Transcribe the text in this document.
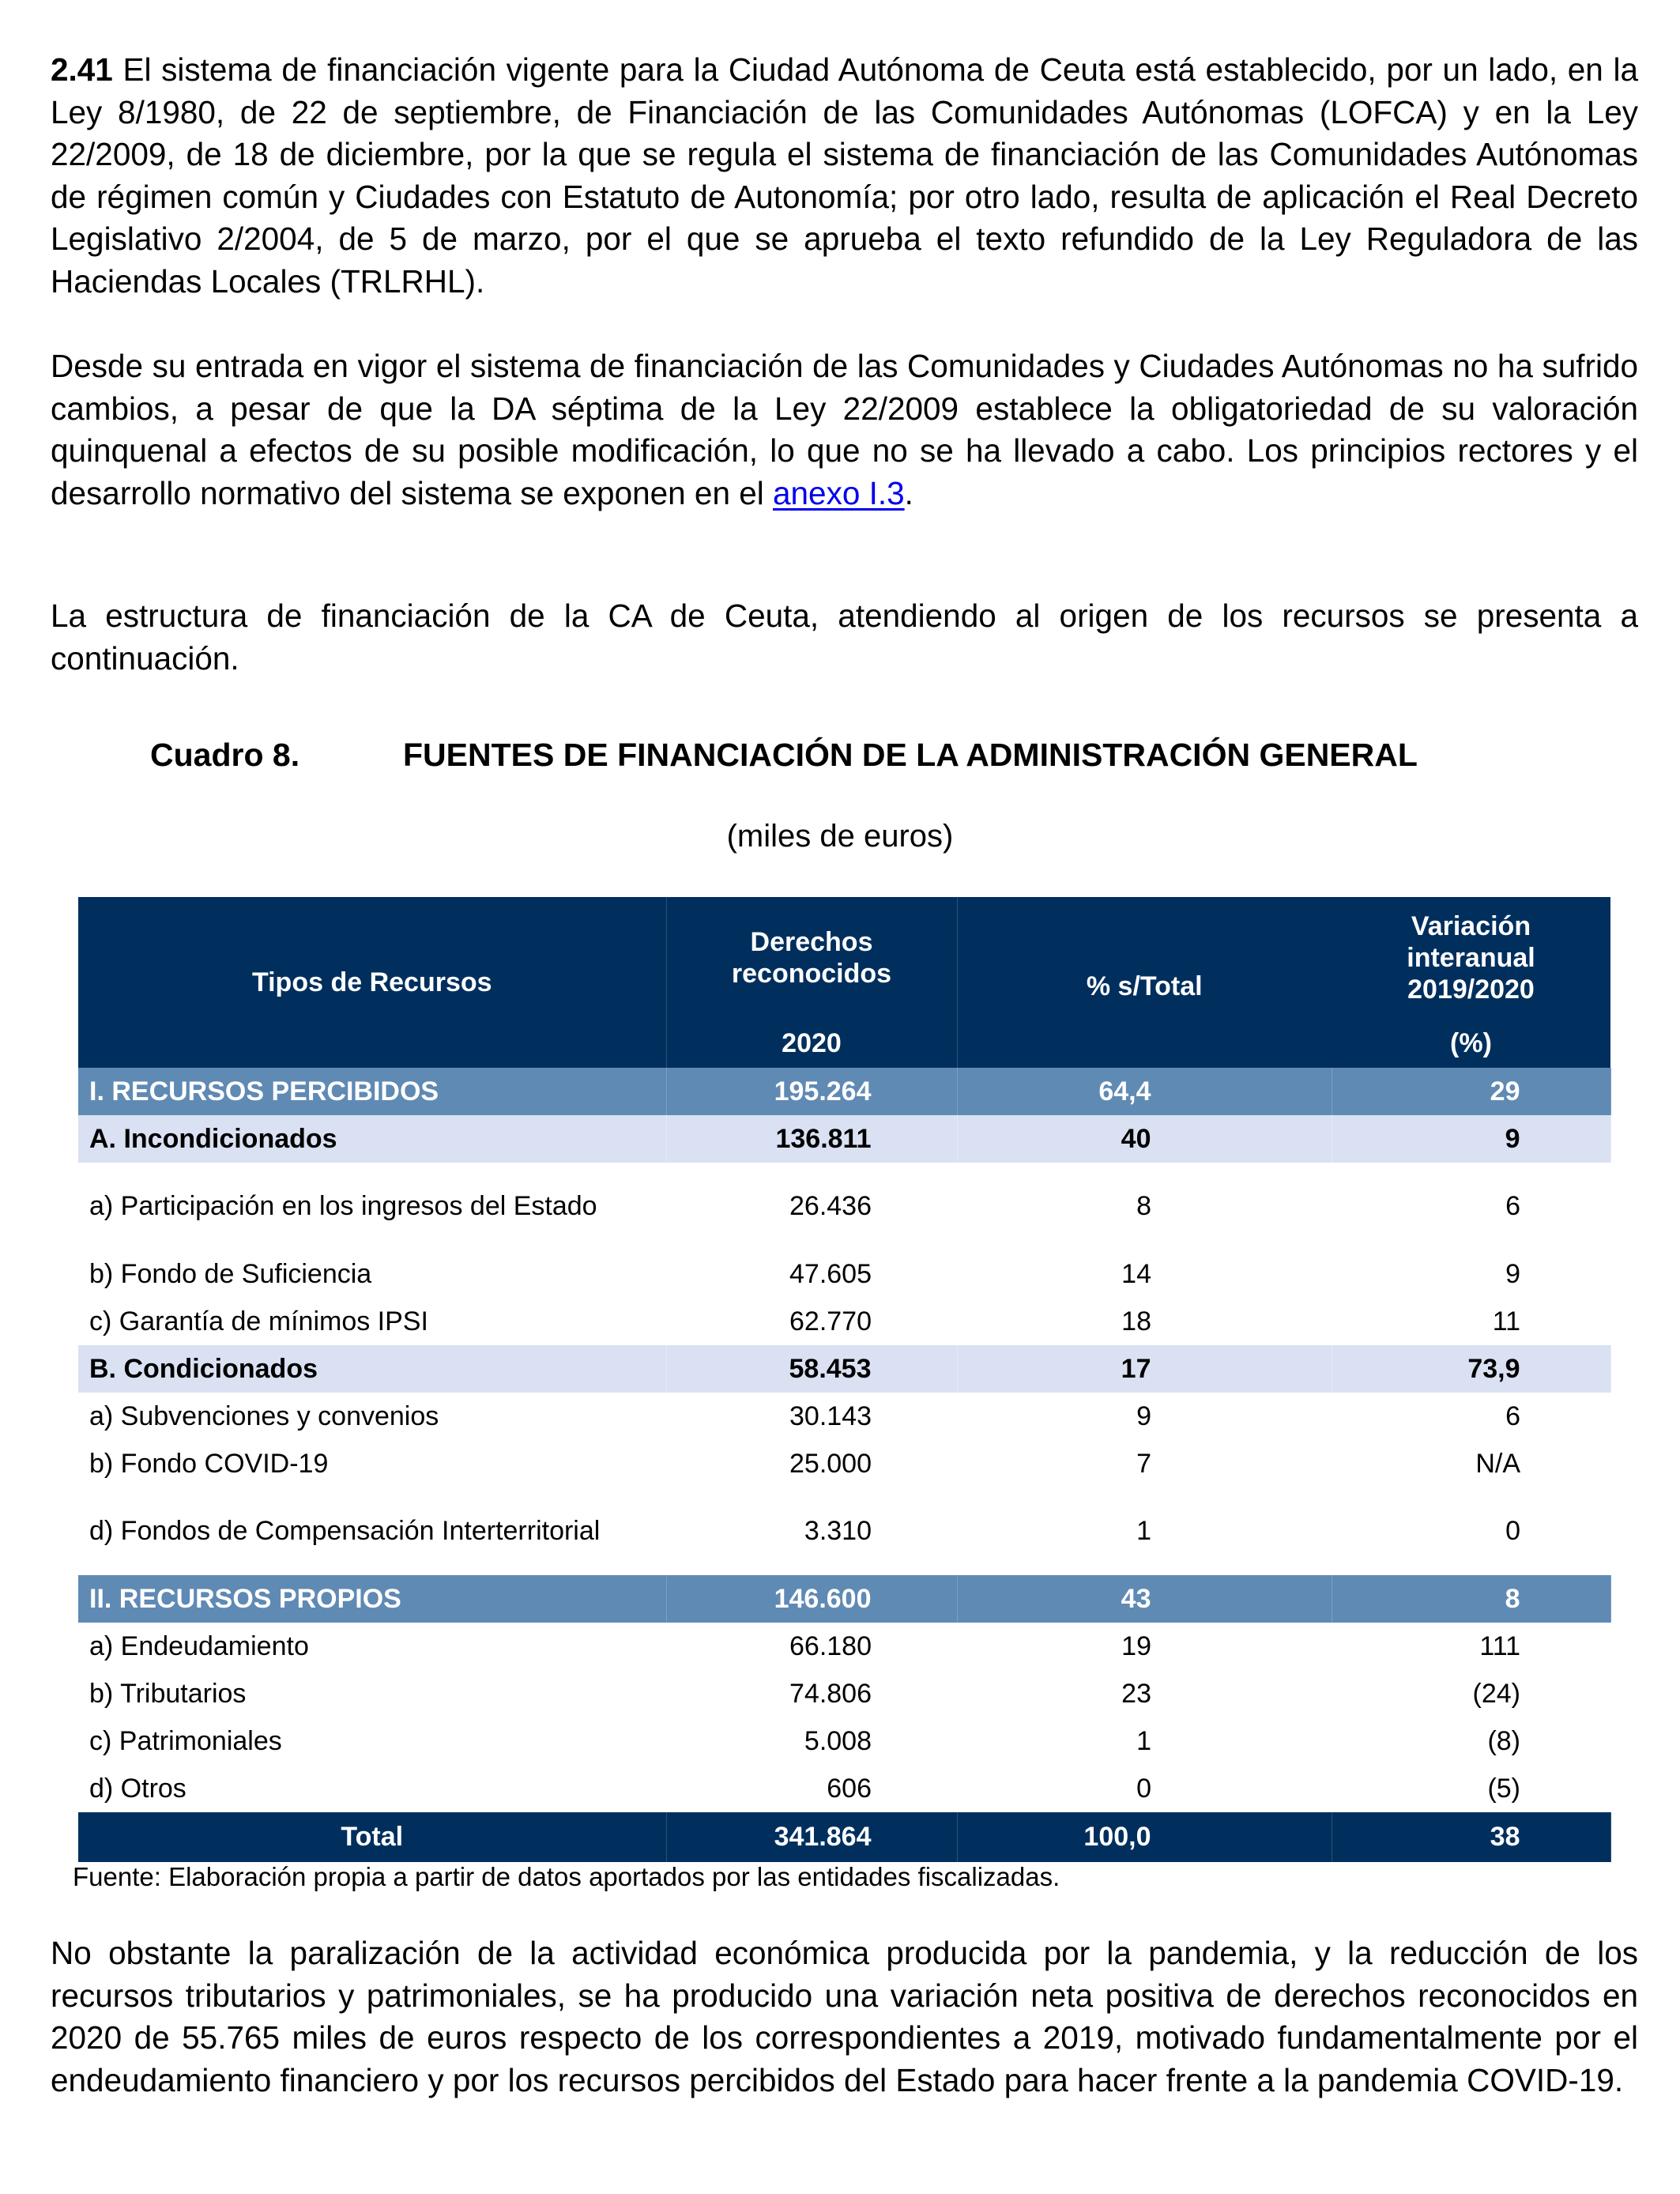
2.41 El sistema de financiación vigente para la Ciudad Autónoma de Ceuta está establecido, por un lado, en la Ley 8/1980, de 22 de septiembre, de Financiación de las Comunidades Autónomas (LOFCA) y en la Ley 22/2009, de 18 de diciembre, por la que se regula el sistema de financiación de las Comunidades Autónomas de régimen común y Ciudades con Estatuto de Autonomía; por otro lado, resulta de aplicación el Real Decreto Legislativo 2/2004, de 5 de marzo, por el que se aprueba el texto refundido de la Ley Reguladora de las Haciendas Locales (TRLRHL).
Desde su entrada en vigor el sistema de financiación de las Comunidades y Ciudades Autónomas no ha sufrido cambios, a pesar de que la DA séptima de la Ley 22/2009 establece la obligatoriedad de su valoración quinquenal a efectos de su posible modificación, lo que no se ha llevado a cabo. Los principios rectores y el desarrollo normativo del sistema se exponen en el anexo I.3.
La estructura de financiación de la CA de Ceuta, atendiendo al origen de los recursos se presenta a continuación.
Cuadro 8.	FUENTES DE FINANCIACIÓN DE LA ADMINISTRACIÓN GENERAL
(miles de euros)
Tipos de Recursos	Derechos reconocidos	% s/Total	Variación interanual 2019/2020
	2020		(%)
I. RECURSOS PERCIBIDOS	195.264	64,4	29
A. Incondicionados	136.811	40	9
a) Participación en los ingresos del Estado	26.436	8	6
b) Fondo de Suficiencia	47.605	14	9
c) Garantía de mínimos IPSI	62.770	18	11
B. Condicionados	58.453	17	73,9
a) Subvenciones y convenios	30.143	9	6
b) Fondo COVID-19	25.000	7	N/A
d) Fondos de Compensación Interterritorial	3.310	1	0
II. RECURSOS PROPIOS	146.600	43	8
a) Endeudamiento	66.180	19	111
b) Tributarios	74.806	23	(24)
c) Patrimoniales	5.008	1	(8)
d) Otros	606	0	(5)
Total	341.864	100,0	38
Fuente: Elaboración propia a partir de datos aportados por las entidades fiscalizadas.
No obstante la paralización de la actividad económica producida por la pandemia, y la reducción de los recursos tributarios y patrimoniales, se ha producido una variación neta positiva de derechos reconocidos en 2020 de 55.765 miles de euros respecto de los correspondientes a 2019, motivado fundamentalmente por el endeudamiento financiero y por los recursos percibidos del Estado para hacer frente a la pandemia COVID-19.
